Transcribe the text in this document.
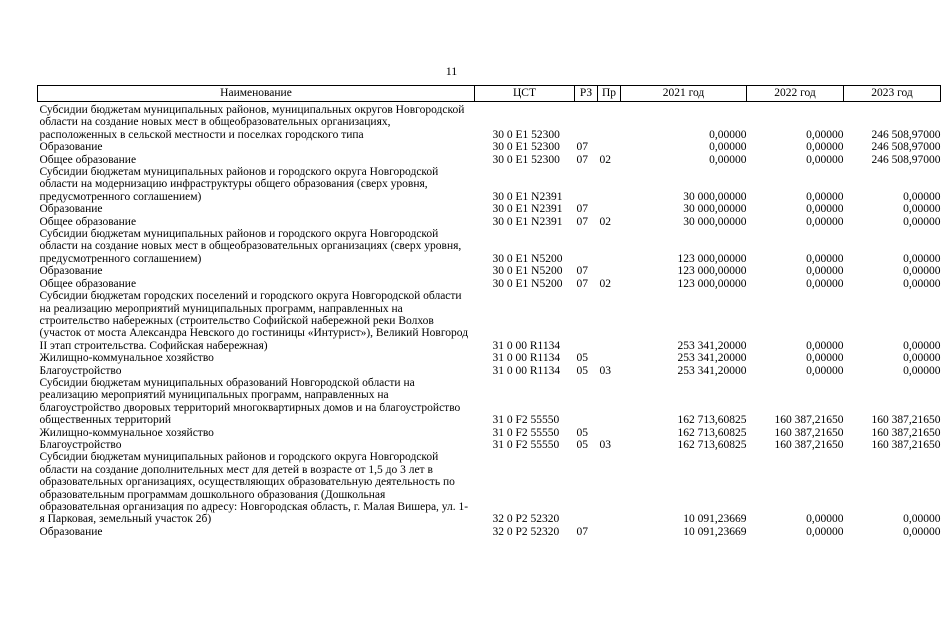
11
Наименование	ЦСТ	РЗ	Пр	2021 год	2022 год	2023 год
Субсидии бюджетам муниципальных районов, муниципальных округов Новгородской области на создание новых мест в общеобразовательных организациях, расположенных в сельской местности и поселках городского типа	30 0 E1 52300			0,00000	0,00000	246 508,97000
Образование	30 0 E1 52300	07		0,00000	0,00000	246 508,97000
Общее образование	30 0 E1 52300	07	02	0,00000	0,00000	246 508,97000
Субсидии бюджетам муниципальных районов и городского округа Новгородской области на модернизацию инфраструктуры общего образования (сверх уровня, предусмотренного соглашением)	30 0 E1 N2391			30 000,00000	0,00000	0,00000
Образование	30 0 E1 N2391	07		30 000,00000	0,00000	0,00000
Общее образование	30 0 E1 N2391	07	02	30 000,00000	0,00000	0,00000
Субсидии бюджетам муниципальных районов и городского округа Новгородской области на создание новых мест в общеобразовательных организациях (сверх уровня, предусмотренного соглашением)	30 0 E1 N5200			123 000,00000	0,00000	0,00000
Образование	30 0 E1 N5200	07		123 000,00000	0,00000	0,00000
Общее образование	30 0 E1 N5200	07	02	123 000,00000	0,00000	0,00000
Субсидии бюджетам городских поселений и городского округа Новгородской области на реализацию мероприятий муниципальных программ, направленных на строительство набережных (строительство Софийской набережной реки Волхов (участок от моста Александра Невского до гостиницы «Интурист»), Великий Новгород II этап строительства. Софийская набережная)	31 0 00 R1134			253 341,20000	0,00000	0,00000
Жилищно-коммунальное хозяйство	31 0 00 R1134	05		253 341,20000	0,00000	0,00000
Благоустройство	31 0 00 R1134	05	03	253 341,20000	0,00000	0,00000
Субсидии бюджетам муниципальных образований Новгородской области на реализацию мероприятий муниципальных программ, направленных на благоустройство дворовых территорий многоквартирных домов и на благоустройство общественных территорий	31 0 F2 55550			162 713,60825	160 387,21650	160 387,21650
Жилищно-коммунальное хозяйство	31 0 F2 55550	05		162 713,60825	160 387,21650	160 387,21650
Благоустройство	31 0 F2 55550	05	03	162 713,60825	160 387,21650	160 387,21650
Субсидии бюджетам муниципальных районов и городского округа Новгородской области на создание дополнительных мест для детей в возрасте от 1,5 до 3 лет в образовательных организациях, осуществляющих образовательную деятельность по образовательным программам дошкольного образования (Дошкольная образовательная организация по адресу: Новгородская область, г. Малая Вишера, ул. 1-я Парковая, земельный участок 2б)	32 0 P2 52320			10 091,23669	0,00000	0,00000
Образование	32 0 P2 52320	07		10 091,23669	0,00000	0,00000
